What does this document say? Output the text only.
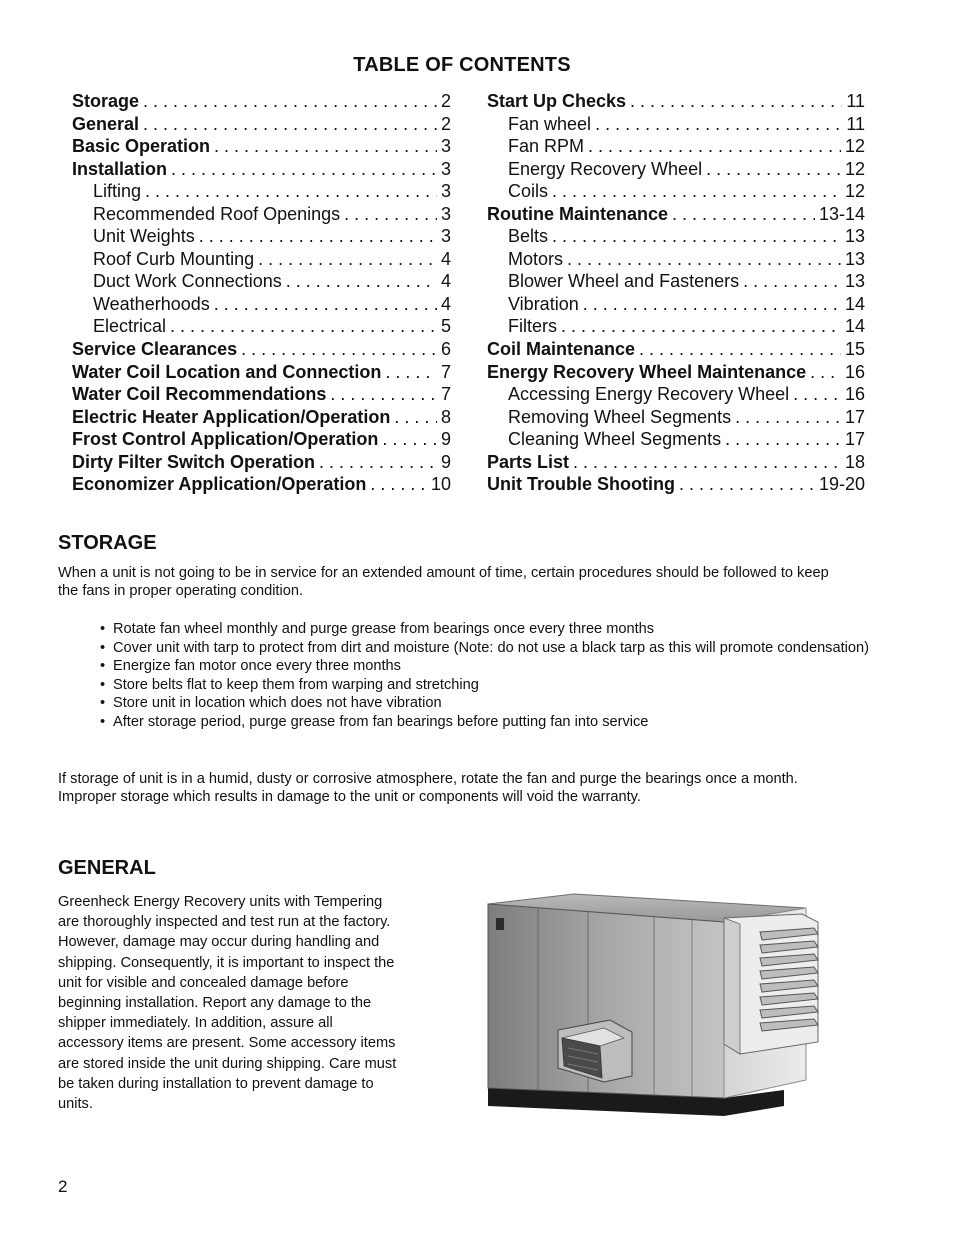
TABLE OF CONTENTS
Storage . . .	2
General . . .	2
Basic Operation . . .	3
Installation . . .	3
Lifting . . .	3
Recommended Roof Openings . . .	3
Unit Weights . . .	3
Roof Curb Mounting . . .	4
Duct Work Connections . . .	4
Weatherhoods . . .	4
Electrical . . .	5
Service Clearances . . .	6
Water Coil Location and Connection . . .	7
Water Coil Recommendations . . .	7
Electric Heater Application/Operation . . .	8
Frost Control Application/Operation . . .	9
Dirty Filter Switch Operation . . .	9
Economizer Application/Operation . . .	10
Start Up Checks . . .	11
Fan wheel . . .	11
Fan RPM . . .	12
Energy Recovery Wheel . . .	12
Coils . . .	12
Routine Maintenance . . .	13-14
Belts . . .	13
Motors . . .	13
Blower Wheel and Fasteners . . .	13
Vibration . . .	14
Filters . . .	14
Coil Maintenance . . .	15
Energy Recovery Wheel Maintenance . . . 16
Accessing Energy Recovery Wheel . . .	16
Removing Wheel Segments . . .	17
Cleaning Wheel Segments . . .	17
Parts List . . .	18
Unit Trouble Shooting . . .	19-20
STORAGE

When a unit is not going to be in service for an extended amount of time, certain procedures should be followed to keep the fans in proper operating condition.

• Rotate fan wheel monthly and purge grease from bearings once every three months
• Cover unit with tarp to protect from dirt and moisture (Note: do not use a black tarp as this will promote condensation)
• Energize fan motor once every three months
• Store belts flat to keep them from warping and stretching
• Store unit in location which does not have vibration
• After storage period, purge grease from fan bearings before putting fan into service

If storage of unit is in a humid, dusty or corrosive atmosphere, rotate the fan and purge the bearings once a month. Improper storage which results in damage to the unit or components will void the warranty.

GENERAL

Greenheck Energy Recovery units with Tempering are thoroughly inspected and test run at the factory. However, damage may occur during handling and shipping. Consequently, it is important to inspect the unit for visible and concealed damage before beginning installation. Report any damage to the shipper immediately. In addition, assure all accessory items are present. Some accessory items are stored inside the unit during shipping. Care must be taken during installation to prevent damage to units.

2
